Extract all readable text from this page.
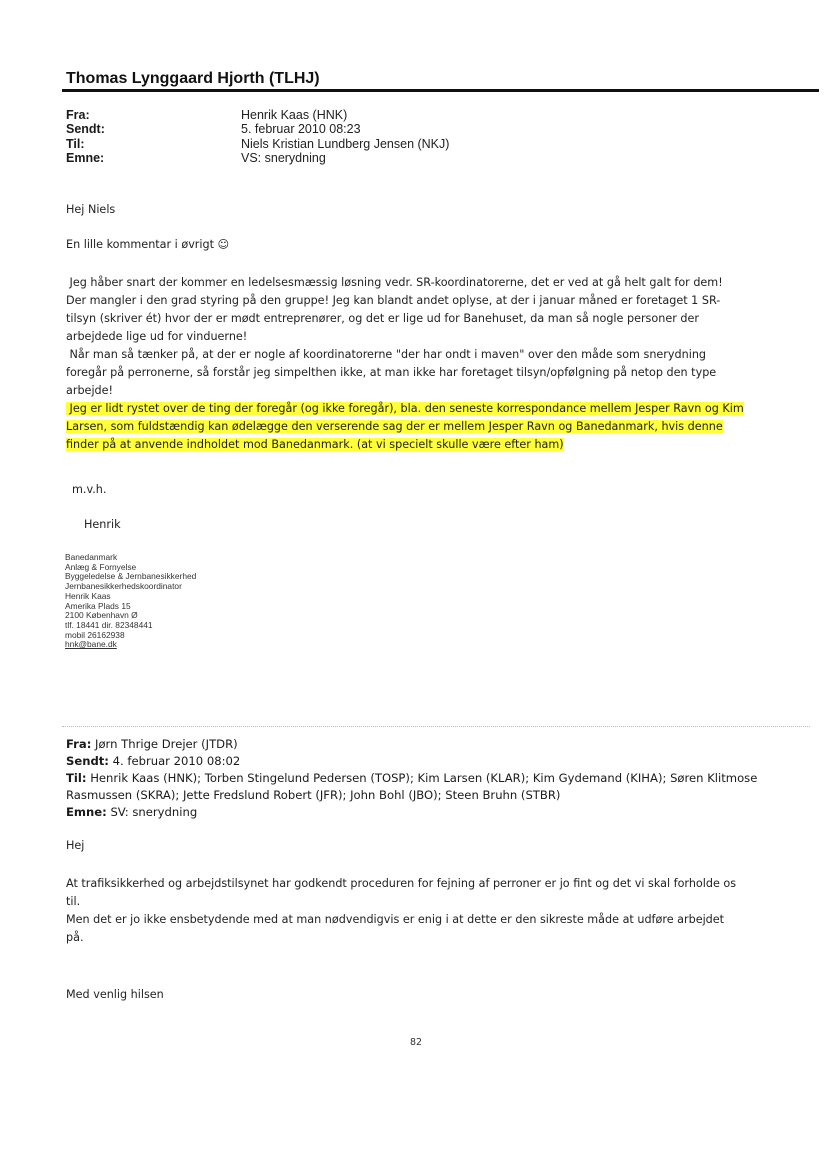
Thomas Lynggaard Hjorth (TLHJ)
Fra:	Henrik Kaas (HNK)
Sendt:	5. februar 2010 08:23
Til:	Niels Kristian Lundberg Jensen (NKJ)
Emne:	VS: snerydning
Hej Niels
En lille kommentar i øvrigt ☺
Jeg håber snart der kommer en ledelsesmæssig løsning vedr. SR-koordinatorerne, det er ved at gå helt galt for dem!
Der mangler i den grad styring på den gruppe! Jeg kan blandt andet oplyse, at der i januar måned er foretaget 1 SR-
tilsyn (skriver ét) hvor der er mødt entreprenører, og det er lige ud for Banehuset, da man så nogle personer der
arbejdede lige ud for vinduerne!
Når man så tænker på, at der er nogle af koordinatorerne "der har ondt i maven" over den måde som snerydning
foregår på perronerne, så forstår jeg simpelthen ikke, at man ikke har foretaget tilsyn/opfølgning på netop den type
arbejde!
Jeg er lidt rystet over de ting der foregår (og ikke foregår), bla. den seneste korrespondance mellem Jesper Ravn og Kim
Larsen, som fuldstændig kan ødelægge den verserende sag der er mellem Jesper Ravn og Banedanmark, hvis denne
finder på at anvende indholdet mod Banedanmark. (at vi specielt skulle være efter ham)
m.v.h.
Henrik
Banedanmark
Anlæg & Fornyelse
Byggeledelse & Jernbanesikkerhed
Jernbanesikkerhedskoordinator
Henrik Kaas
Amerika Plads 15
2100 København Ø
tlf. 18441 dir. 82348441
mobil 26162938
hnk@bane.dk
Fra: Jørn Thrige Drejer (JTDR)
Sendt: 4. februar 2010 08:02
Til: Henrik Kaas (HNK); Torben Stingelund Pedersen (TOSP); Kim Larsen (KLAR); Kim Gydemand (KIHA); Søren Klitmose
Rasmussen (SKRA); Jette Fredslund Robert (JFR); John Bohl (JBO); Steen Bruhn (STBR)
Emne: SV: snerydning
Hej
At trafiksikkerhed og arbejdstilsynet har godkendt proceduren for fejning af perroner er jo fint og det vi skal forholde os
til.
Men det er jo ikke ensbetydende med at man nødvendigvis er enig i at dette er den sikreste måde at udføre arbejdet
på.
Med venlig hilsen
82
